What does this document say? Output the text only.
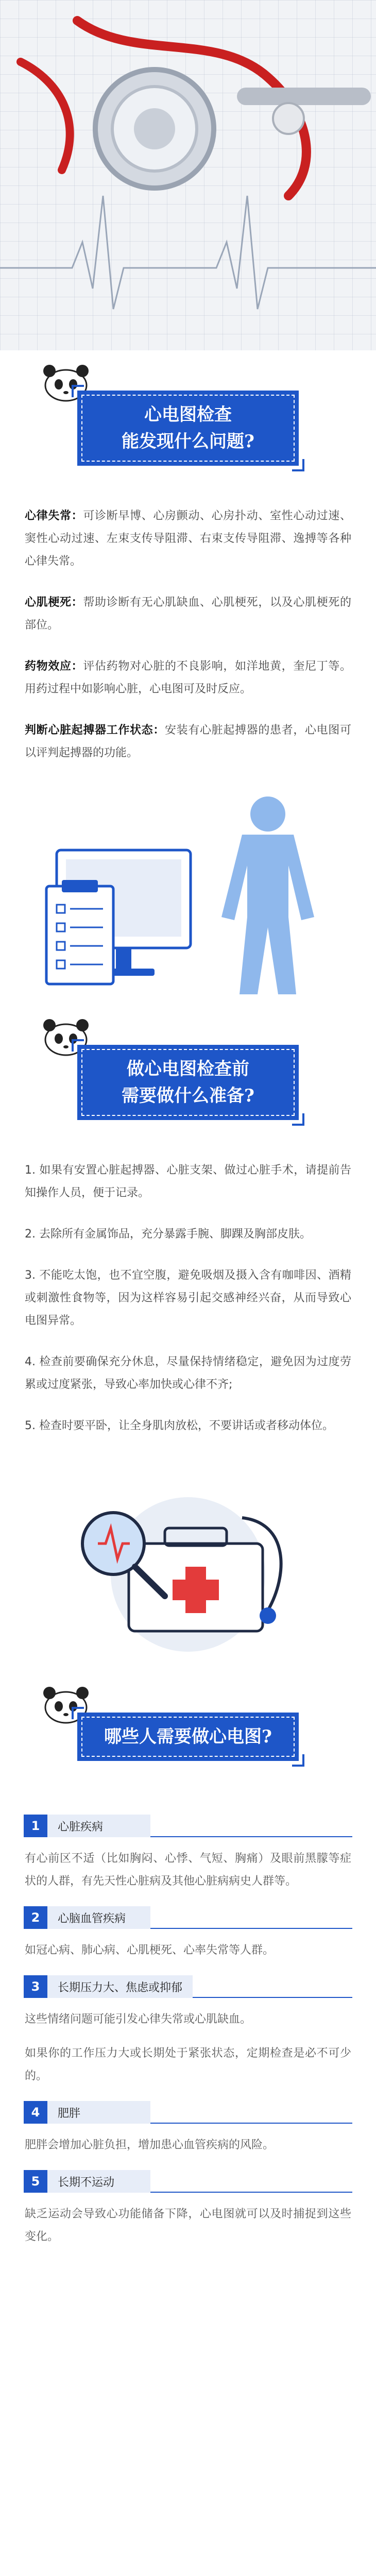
心电图检查
能发现什么问题?
心律失常：可诊断早博、心房颤动、心房扑动、室性心动过速、窦性心动过速、左束支传导阻滞、右束支传导阻滞、逸搏等各种心律失常。
心肌梗死：帮助诊断有无心肌缺血、心肌梗死，以及心肌梗死的部位。
药物效应：评估药物对心脏的不良影响，如洋地黄，奎尼丁等。用药过程中如影响心脏，心电图可及时反应。
判断心脏起搏器工作状态：安装有心脏起搏器的患者，心电图可以评判起搏器的功能。
做心电图检查前
需要做什么准备?
1. 如果有安置心脏起搏器、心脏支架、做过心脏手术，请提前告知操作人员，便于记录。
2. 去除所有金属饰品，充分暴露手腕、脚踝及胸部皮肤。
3. 不能吃太饱，也不宜空腹，避免吸烟及摄入含有咖啡因、酒精或刺激性食物等，因为这样容易引起交感神经兴奋，从而导致心电图异常。
4. 检查前要确保充分休息，尽量保持情绪稳定，避免因为过度劳累或过度紧张，导致心率加快或心律不齐;
5. 检查时要平卧，让全身肌肉放松，不要讲话或者移动体位。
哪些人需要做心电图?
1	心脏疾病
有心前区不适（比如胸闷、心悸、气短、胸痛）及眼前黑朦等症状的人群，有先天性心脏病及其他心脏病病史人群等。
2	心脑血管疾病
如冠心病、肺心病、心肌梗死、心率失常等人群。
3	长期压力大、焦虑或抑郁
这些情绪问题可能引发心律失常或心肌缺血。
如果你的工作压力大或长期处于紧张状态，定期检查是必不可少的。
4	肥胖
肥胖会增加心脏负担，增加患心血管疾病的风险。
5	长期不运动
缺乏运动会导致心功能储备下降，心电图就可以及时捕捉到这些变化。
